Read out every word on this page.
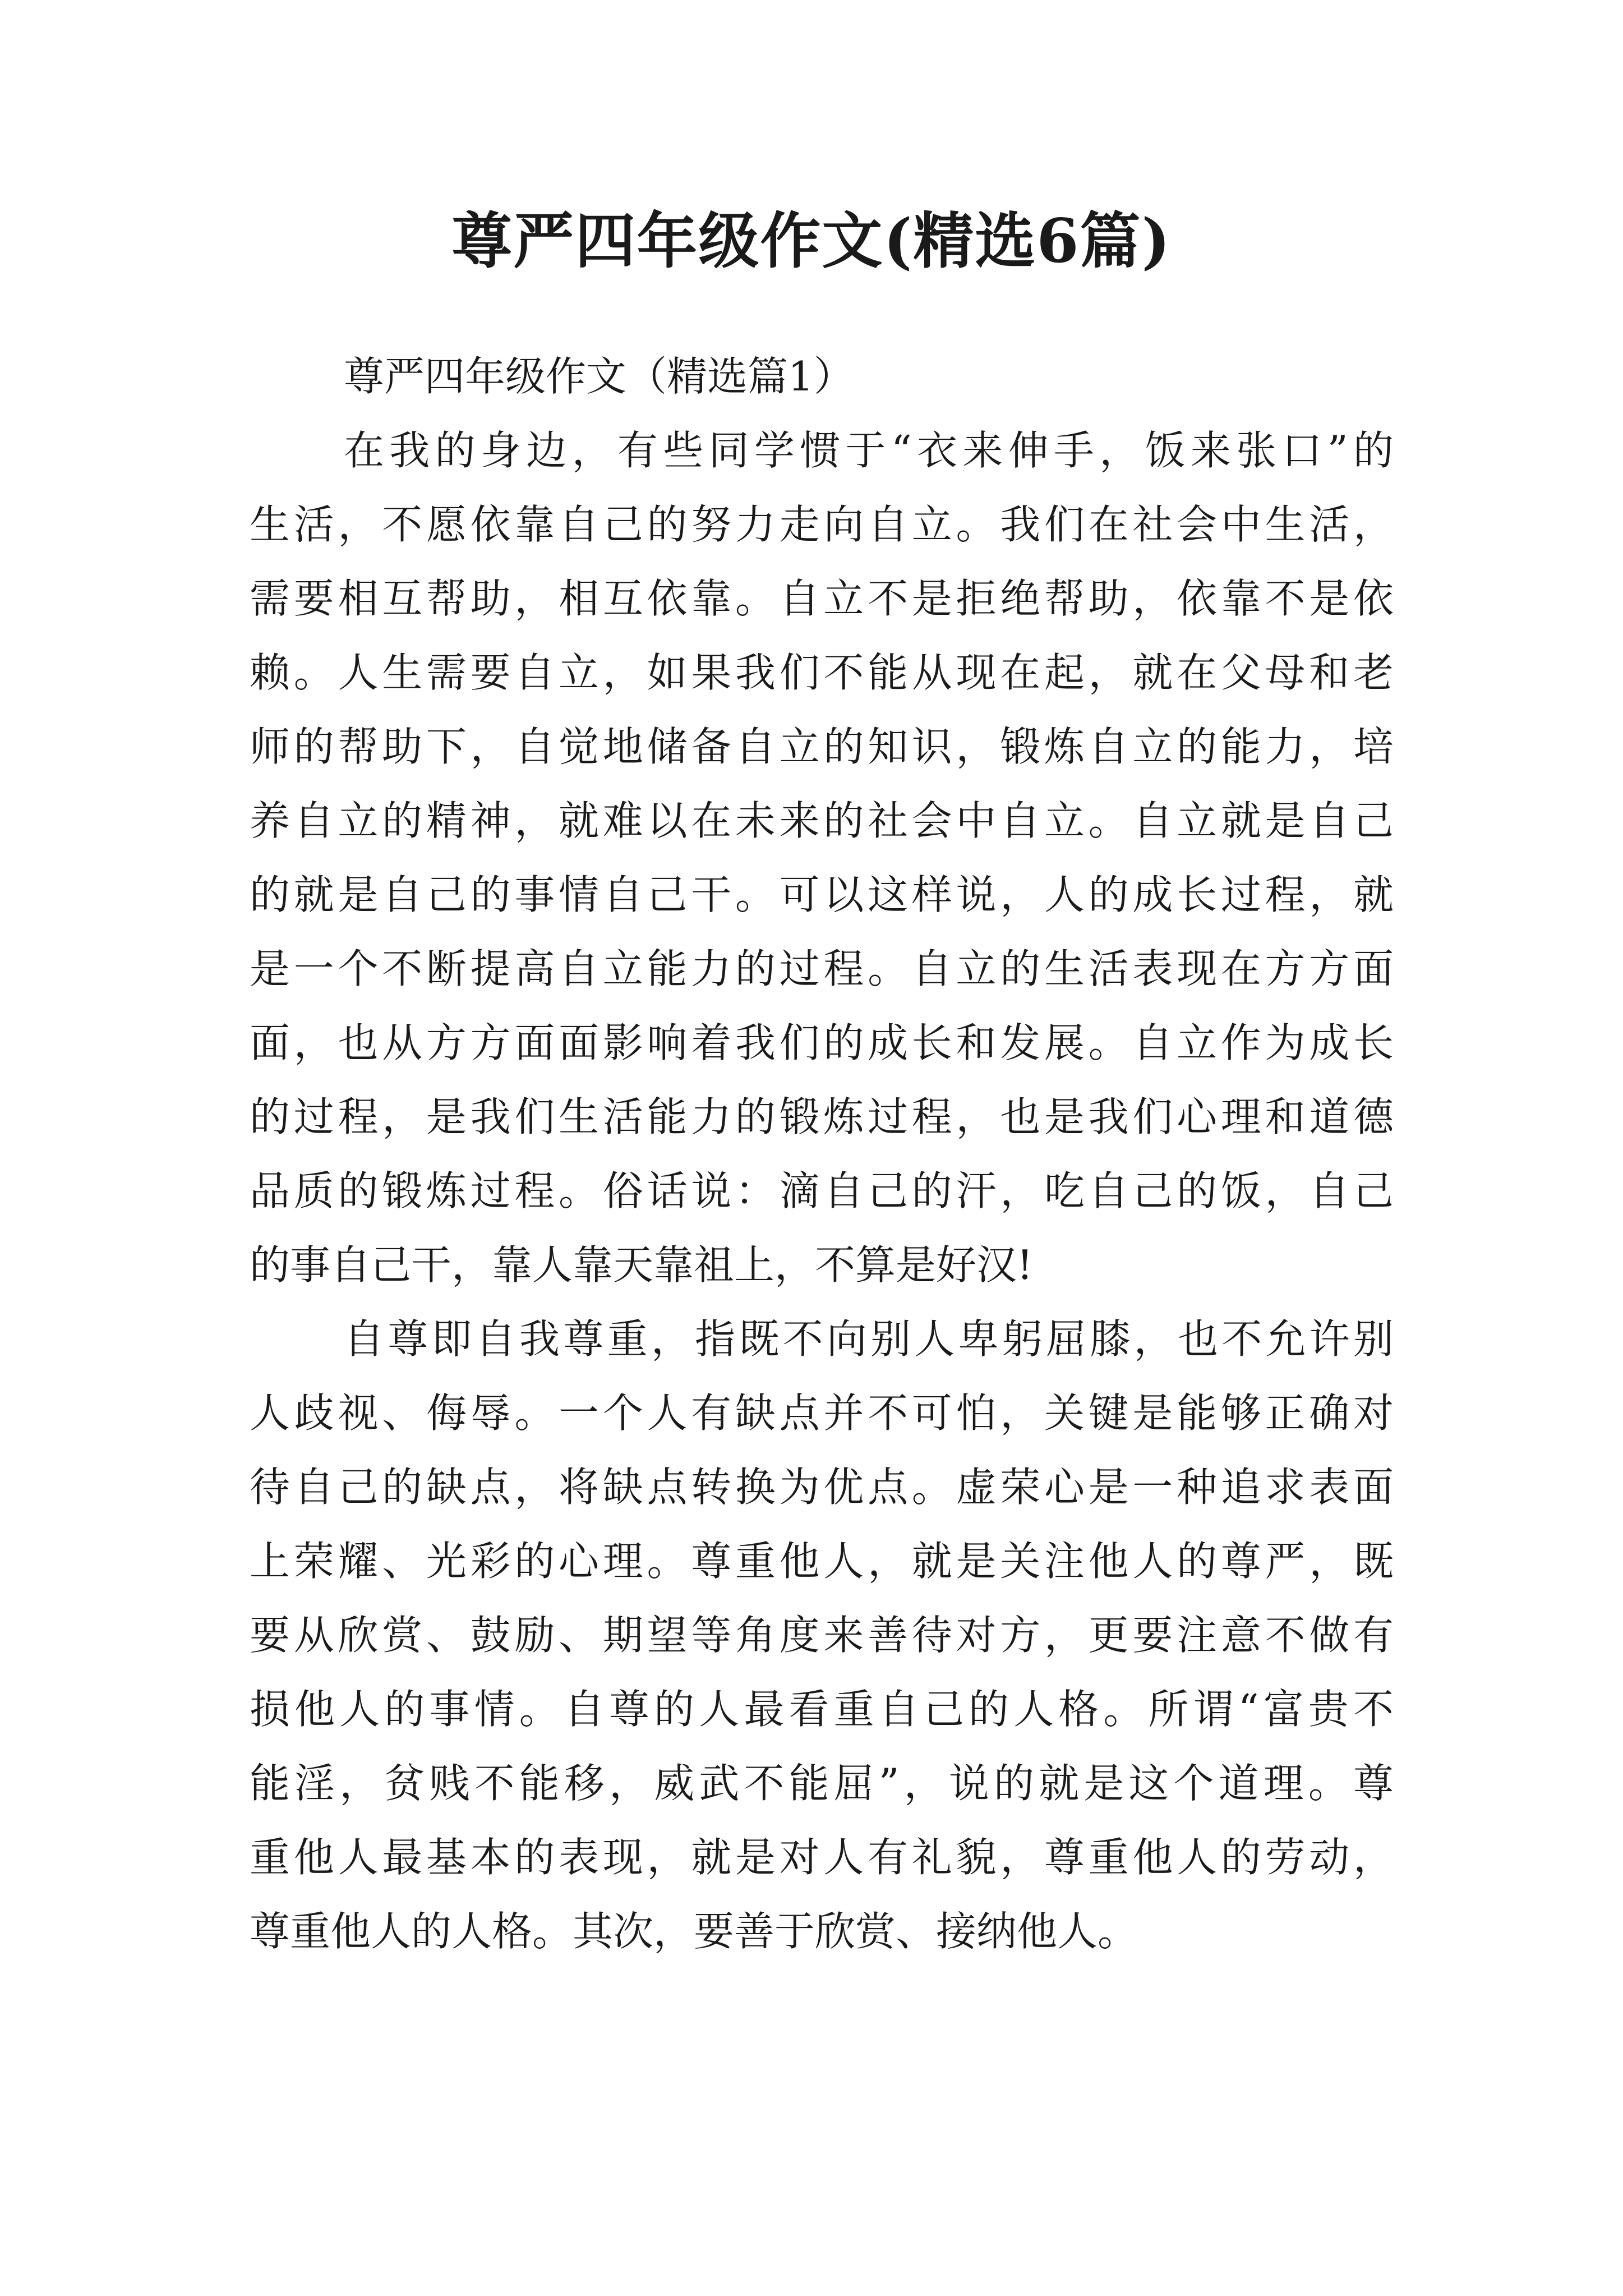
尊严四年级作文(精选6篇)

尊严四年级作文（精选篇1）

在我的身边，有些同学惯于“衣来伸手，饭来张口”的
生活，不愿依靠自己的努力走向自立。我们在社会中生活，
需要相互帮助，相互依靠。自立不是拒绝帮助，依靠不是依
赖。人生需要自立，如果我们不能从现在起，就在父母和老
师的帮助下，自觉地储备自立的知识，锻炼自立的能力，培
养自立的精神，就难以在未来的社会中自立。自立就是自己
的就是自己的事情自己干。可以这样说，人的成长过程，就
是一个不断提高自立能力的过程。自立的生活表现在方方面
面，也从方方面面影响着我们的成长和发展。自立作为成长
的过程，是我们生活能力的锻炼过程，也是我们心理和道德
品质的锻炼过程。俗话说：滴自己的汗，吃自己的饭，自己
的事自己干，靠人靠天靠祖上，不算是好汉!
自尊即自我尊重，指既不向别人卑躬屈膝，也不允许别
人歧视、侮辱。一个人有缺点并不可怕，关键是能够正确对
待自己的缺点，将缺点转换为优点。虚荣心是一种追求表面
上荣耀、光彩的心理。尊重他人，就是关注他人的尊严，既
要从欣赏、鼓励、期望等角度来善待对方，更要注意不做有
损他人的事情。自尊的人最看重自己的人格。所谓“富贵不
能淫，贫贱不能移，威武不能屈”，说的就是这个道理。尊
重他人最基本的表现，就是对人有礼貌，尊重他人的劳动，
尊重他人的人格。其次，要善于欣赏、接纳他人。
